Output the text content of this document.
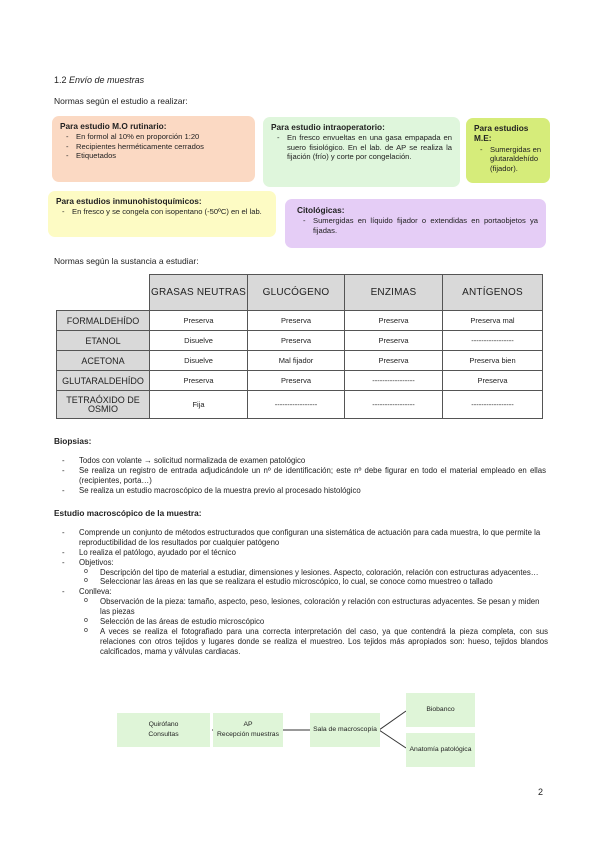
1.2 Envío de muestras
Normas según el estudio a realizar:
Para estudio M.O rutinario:
- En formol al 10% en proporción 1:20
- Recipientes herméticamente cerrados
- Etiquetados
Para estudio intraoperatorio:
- En fresco envueltas en una gasa empapada en suero fisiológico. En el lab. de AP se realiza la fijación (frío) y corte por congelación.
Para estudios M.E:
- Sumergidas en glutaraldehído (fijador).
Para estudios inmunohistoquímicos:
- En fresco y se congela con isopentano (-50ºC) en el lab.	Citológicas:
- Sumergidas en líquido fijador o extendidas en portaobjetos ya fijadas.
Normas según la sustancia a estudiar:
	GRASAS NEUTRAS	GLUCÓGENO	ENZIMAS	ANTÍGENOS
FORMALDEHÍDO	Preserva	Preserva	Preserva	Preserva mal
ETANOL	Disuelve	Preserva	Preserva	-----------------
ACETONA	Disuelve	Mal fijador	Preserva	Preserva bien
GLUTARALDEHÍDO	Preserva	Preserva	-----------------	Preserva
TETRAÓXIDO DE OSMIO	Fija	-----------------	-----------------	-----------------
Biopsias:
- Todos con volante → solicitud normalizada de examen patológico
- Se realiza un registro de entrada adjudicándole un nº de identificación; este nº debe figurar en todo el material empleado en ellas (recipientes, porta…)
- Se realiza un estudio macroscópico de la muestra previo al procesado histológico
Estudio macroscópico de la muestra:
- Comprende un conjunto de métodos estructurados que configuran una sistemática de actuación para cada muestra, lo que permite la reproductibilidad de los resultados por cualquier patógeno
- Lo realiza el patólogo, ayudado por el técnico
- Objetivos:
o Descripción del tipo de material a estudiar, dimensiones y lesiones. Aspecto, coloración, relación con estructuras adyacentes…
o Seleccionar las áreas en las que se realizara el estudio microscópico, lo cual, se conoce como muestreo o tallado
- Conlleva:
o Observación de la pieza: tamaño, aspecto, peso, lesiones, coloración y relación con estructuras adyacentes. Se pesan y miden las piezas
o Selección de las áreas de estudio microscópico
o A veces se realiza el fotografiado para una correcta interpretación del caso, ya que contendrá la pieza completa, con sus relaciones con otros tejidos y lugares donde se realiza el muestreo. Los tejidos más apropiados son: hueso, tejidos blandos calcificados, mama y válvulas cardiacas.
Quirófano
Consultas
AP
Recepción muestras
Sala de macroscopía
Biobanco
Anatomía patológica
2
